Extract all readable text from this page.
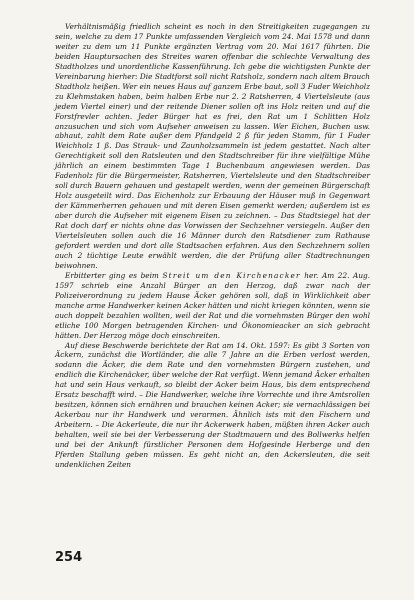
Verhältnismäßig friedlich scheint es noch in den Streitigkeiten zugegangen zu sein, welche zu dem 17 Punkte umfassenden Vergleich vom 24. Mai 1578 und dann weiter zu dem um 11 Punkte ergänzten Vertrag vom 20. Mai 1617 führten. Die beiden Hauptursachen des Streites waren offenbar die schlechte Verwaltung des Stadtholzes und unordentliche Kassenführung. Ich gebe die wichtigsten Punkte der Vereinbarung hierher: Die Stadtforst soll nicht Ratsholz, sondern nach altem Brauch Stadtholz heißen. Wer ein neues Haus auf ganzem Erbe baut, soll 3 Fuder Weichholz zu Klehmstaken haben, beim halben Erbe nur 2. 2 Ratsherren, 4 Viertelsleute (aus jedem Viertel einer) und der reitende Diener sollen oft ins Holz reiten und auf die Forstfrevler achten. Jeder Bürger hat es frei, den Rat um 1 Schlitten Holz anzusuchen und sich vom Aufseher anweisen zu lassen. Wer Eichen, Buchen usw. abhaut, zahlt dem Rate außer dem Pfandgeld 2 ß für jeden Stamm, für 1 Fuder Weichholz 1 ß. Das Strauk- und Zaunholzsammeln ist jedem gestattet. Nach alter Gerechtigkeit soll den Ratsleuten und den Stadtschreiber für ihre vielfältige Mühe jährlich an einem bestimmten Tage 1 Buchenbaum angewiesen werden. Das Fadenholz für die Bürgermeister, Ratsherren, Viertelsleute und den Stadtschreiber soll durch Bauern gehauen und gestapelt werden, wenn der gemeinen Bürgerschaft Holz ausgeteilt wird. Das Eichenholz zur Erbauung der Häuser muß in Gegenwart der Kämmerherren gehauen und mit deren Eisen gemerkt werden; außerdem ist es aber durch die Aufseher mit eigenem Eisen zu zeichnen. – Das Stadtsiegel hat der Rat doch darf er nichts ohne das Vorwissen der Sechzehner versiegeln. Außer den Viertelsleuten sollen auch die 16 Männer durch den Ratsdiener zum Rathause gefordert werden und dort alle Stadtsachen erfahren. Aus den Sechzehnern sollen auch 2 tüchtige Leute erwählt werden, die der Prüfung aller Stadtrechnungen beiwohnen.

Erbitterter ging es beim Streit um den Kirchenacker her. Am 22. Aug. 1597 schrieb eine Anzahl Bürger an den Herzog, daß zwar nach der Polizeiverordnung zu jedem Hause Äcker gehören soll, daß in Wirklichkeit aber manche arme Handwerker keinen Acker hätten und nicht kriegen könnten, wenn sie auch doppelt bezahlen wollten, weil der Rat und die vornehmsten Bürger den wohl etliche 100 Morgen betragenden Kirchen- und Ökonomieacker an sich gebracht hätten. Der Herzog möge doch einschreiten.

Auf diese Beschwerde berichtete der Rat am 14. Okt. 1597: Es gibt 3 Sorten von Äckern, zunächst die Wortländer, die alle 7 Jahre an die Erben verlost werden, sodann die Äcker, die dem Rate und den vornehmsten Bürgern zustehen, und endlich die Kirchenäcker, über welche der Rat verfügt. Wenn jemand Äcker erhalten hat und sein Haus verkauft, so bleibt der Acker beim Haus, bis dem entsprechend Ersatz beschafft wird. – Die Handwerker, welche ihre Vorrechte und ihre Amtsrollen besitzen, können sich ernähren und brauchen keinen Acker; sie vernachlässigen bei Ackerbau nur ihr Handwerk und verarmen. Ähnlich ists mit den Fischern und Arbeitern. – Die Ackerleute, die nur ihr Ackerwerk haben, müßten ihren Acker auch behalten, weil sie bei der Verbesserung der Stadtmauern und des Bollwerks helfen und bei der Ankunft fürstlicher Personen dem Hofgesinde Herberge und den Pferden Stallung geben müssen. Es geht nicht an, den Ackersleuten, die seit undenklichen Zeiten

254
